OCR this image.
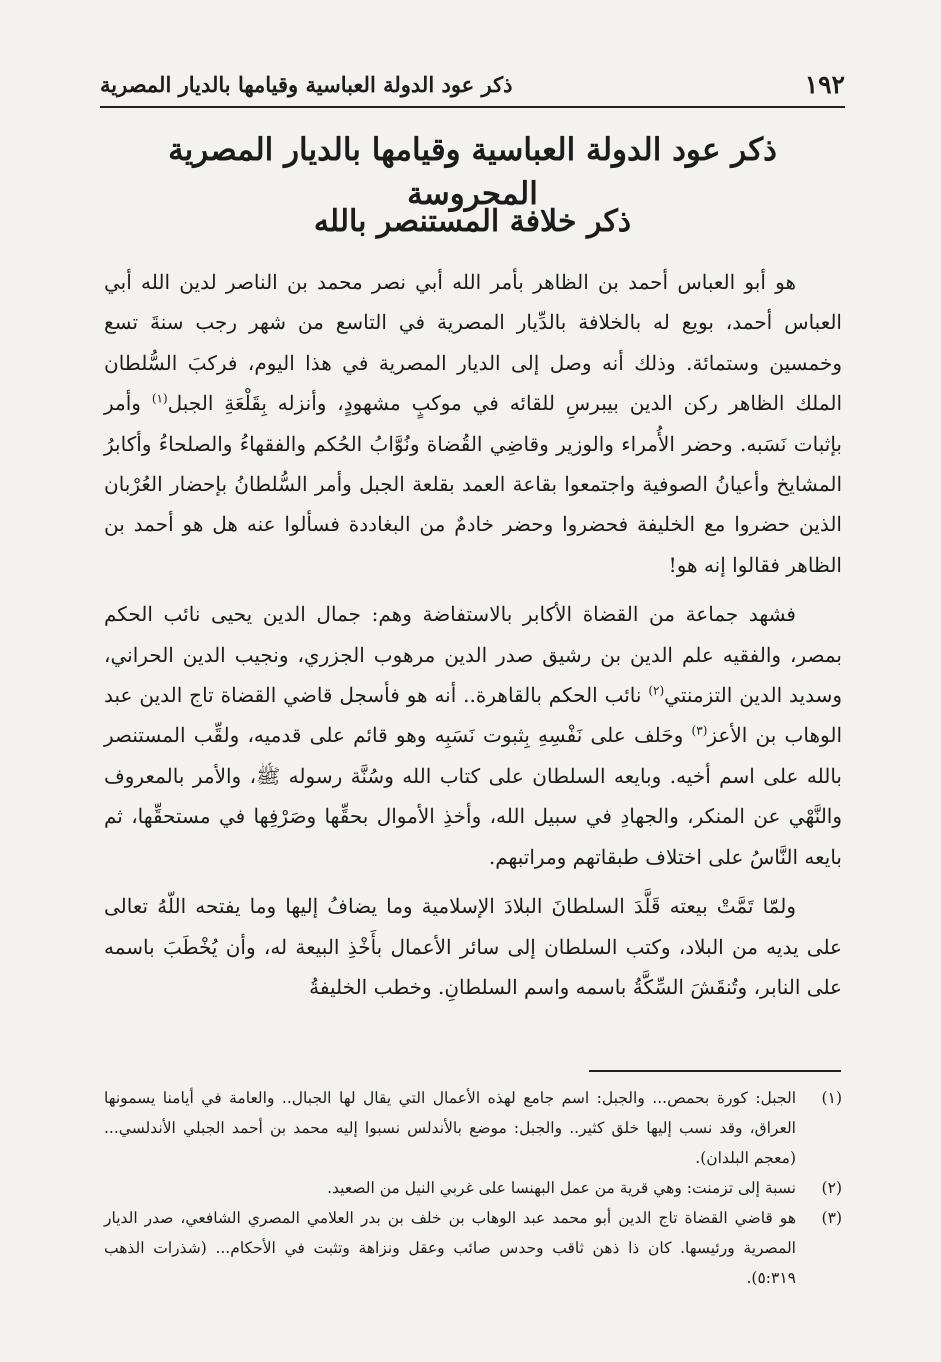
١٩٢
ذكر عود الدولة العباسية وقيامها بالديار المصرية
ذكر عود الدولة العباسية وقيامها بالديار المصرية المحروسة
ذكر خلافة المستنصر بالله

هو أبو العباس أحمد بن الظاهر بأمر الله أبي نصر محمد بن الناصر لدين الله أبي العباس أحمد، بويع له بالخلافة بالدِّيار المصرية في التاسع من شهر رجب سنةَ تسع وخمسين وستمائة. وذلك أنه وصل إلى الديار المصرية في هذا اليوم، فركبَ السُّلطان الملك الظاهر ركن الدين بيبرسِ للقائه في موكبٍ مشهودٍ، وأنزله بِقَلْعَةِ الجبل$^{(١)}$ وأمر بإثبات نَسَبه. وحضر الأُمراء والوزير وقاضِي القُضاة ونُوَّابُ الحُكم والفقهاءُ والصلحاءُ وأكابرُ المشايخ وأعيانُ الصوفية واجتمعوا بقاعة العمد بقلعة الجبل وأمر السُّلطانُ بإحضار العُرْبان الذين حضروا مع الخليفة فحضروا وحضر خادمٌ من البغاددة فسألوا عنه هل هو أحمد بن الظاهر فقالوا إنه هو!

فشهد جماعة من القضاة الأكابر بالاستفاضة وهم: جمال الدين يحيى نائب الحكم بمصر، والفقيه علم الدين بن رشيق صدر الدين مرهوب الجزري، ونجيب الدين الحراني، وسديد الدين التزمنتي$^{(٢)}$ نائب الحكم بالقاهرة.. أنه هو فأسجل قاضي القضاة تاج الدين عبد الوهاب بن الأعز$^{(٣)}$ وحَلف على نَفْسِهِ بِثبوت نَسَبِه وهو قائم على قدميه، ولقِّب المستنصر بالله على اسم أخيه. وبايعه السلطان على كتاب الله وسُنَّة رسوله ﷺ، والأمر بالمعروف والنَّهْي عن المنكر، والجهادِ في سبيل الله، وأخذِ الأموال بحقِّها وصَرْفِها في مستحقِّها، ثم بايعه النَّاسُ على اختلاف طبقاتهم ومراتبهم.

ولمّا تَمَّتْ بيعته قَلَّدَ السلطانَ البلادَ الإسلامية وما يضافُ إليها وما يفتحه اللّهُ تعالى على يديه من البلاد، وكتب السلطان إلى سائر الأعمال بأَخْذِ البيعة له، وأن يُخْطَبَ باسمه على النابر، وتُنقَشَ السِّكَّةُ باسمه واسم السلطانِ. وخطب الخليفةُ

(١)
الجبل: كورة بحمص... والجبل: اسم جامع لهذه الأعمال التي يقال لها الجبال.. والعامة في أيامنا يسمونها العراق، وقد نسب إليها خلق كثير.. والجبل: موضع بالأندلس نسبوا إليه محمد بن أحمد الجبلي الأندلسي... (معجم البلدان).
(٢)
نسبة إلى تزمنت: وهي قرية من عمل البهنسا على غربي النيل من الصعيد.
(٣)
هو قاضي القضاة تاج الدين أبو محمد عبد الوهاب بن خلف بن بدر العلامي المصري الشافعي، صدر الديار المصرية ورئيسها. كان ذا ذهن ثاقب وحدس صائب وعقل ونزاهة وتثبت في الأحكام... (شذرات الذهب ٥:٣١٩).
